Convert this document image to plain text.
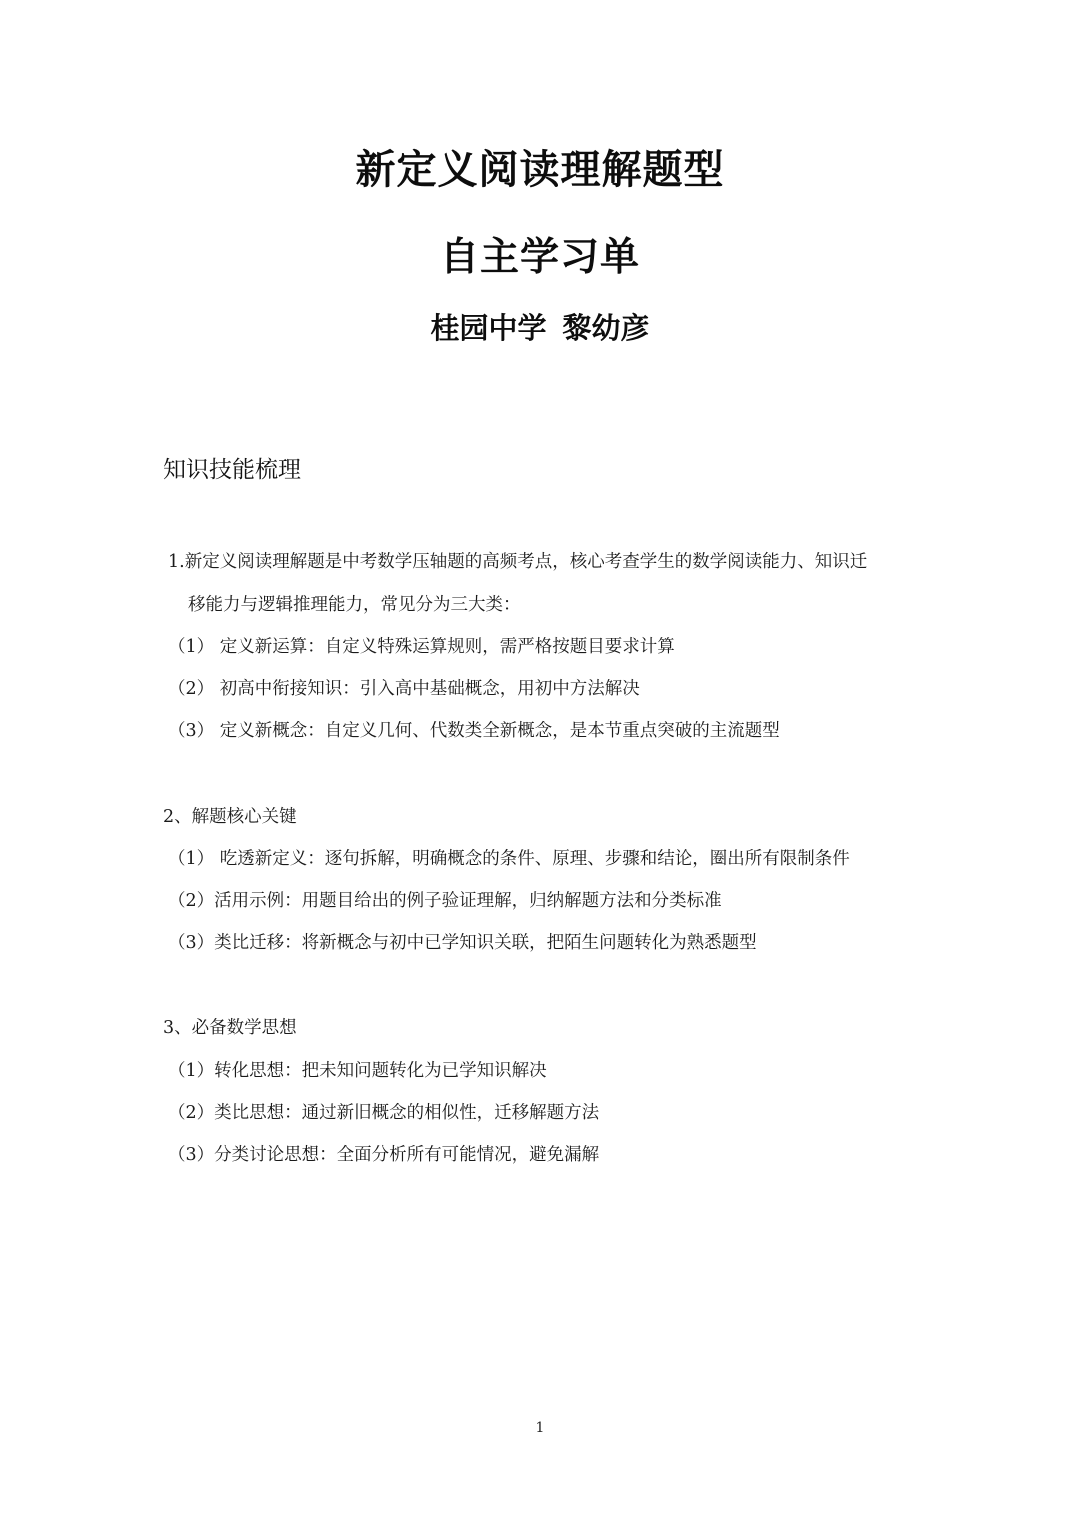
新定义阅读理解题型
自主学习单
桂园中学 黎幼彦
知识技能梳理
1.新定义阅读理解题是中考数学压轴题的高频考点，核心考查学生的数学阅读能力、知识迁
移能力与逻辑推理能力，常见分为三大类：
（1） 定义新运算：自定义特殊运算规则，需严格按题目要求计算
（2） 初高中衔接知识：引入高中基础概念，用初中方法解决
（3） 定义新概念：自定义几何、代数类全新概念，是本节重点突破的主流题型
2、解题核心关键
（1） 吃透新定义：逐句拆解，明确概念的条件、原理、步骤和结论，圈出所有限制条件
（2）活用示例：用题目给出的例子验证理解，归纳解题方法和分类标准
（3）类比迁移：将新概念与初中已学知识关联，把陌生问题转化为熟悉题型
3、必备数学思想
（1）转化思想：把未知问题转化为已学知识解决
（2）类比思想：通过新旧概念的相似性，迁移解题方法
（3）分类讨论思想：全面分析所有可能情况，避免漏解
1
